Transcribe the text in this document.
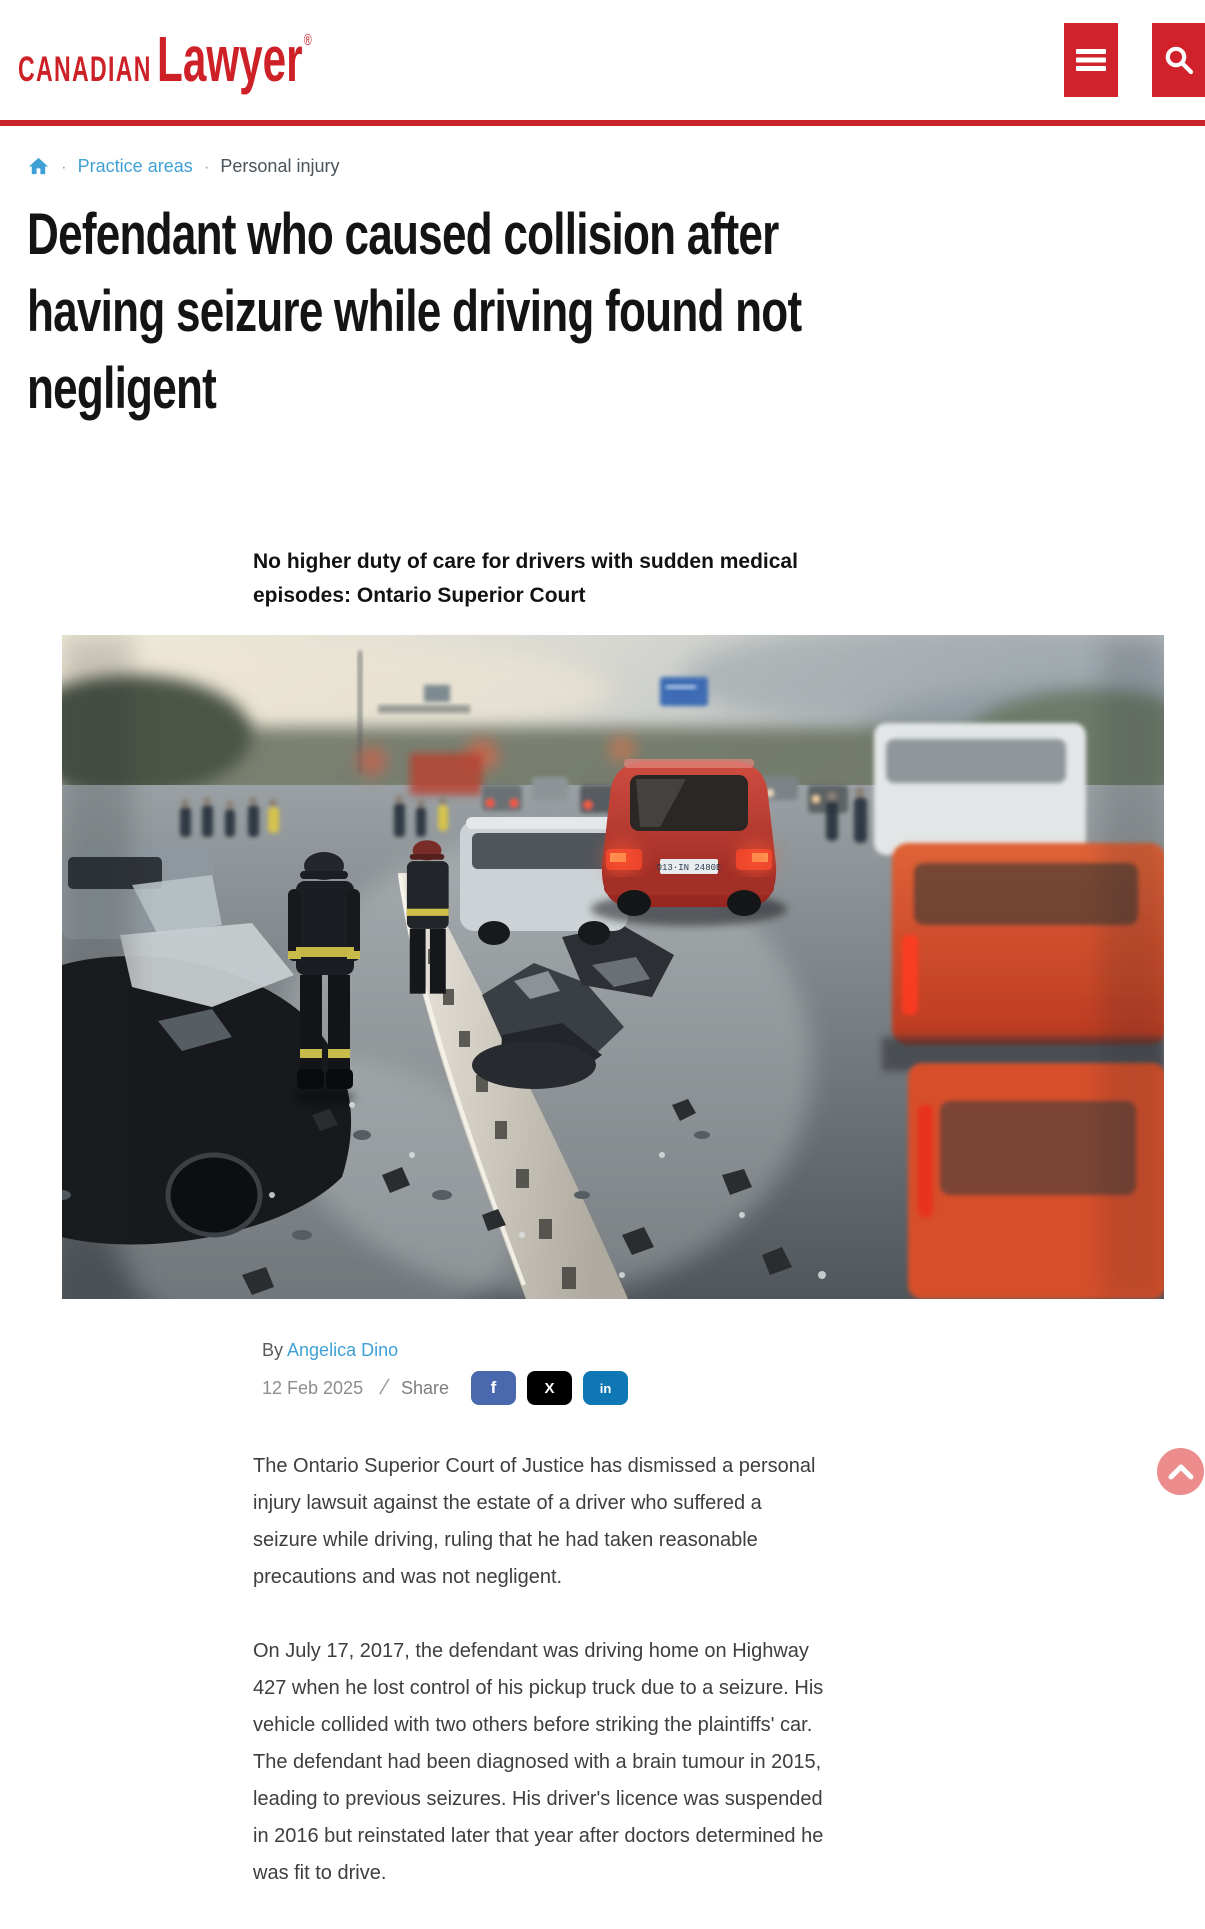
CANADIAN Lawyer ®
· Practice areas · Personal injury
Defendant who caused collision after
having seizure while driving found not
negligent
No higher duty of care for drivers with sudden medical
episodes: Ontario Superior Court
D13·IN 2480E
By Angelica Dino
12 Feb 2025 / Share f	X	in

The Ontario Superior Court of Justice has dismissed a personal injury lawsuit against the estate of a driver who suffered a seizure while driving, ruling that he had taken reasonable precautions and was not negligent.

On July 17, 2017, the defendant was driving home on Highway 427 when he lost control of his pickup truck due to a seizure. His vehicle collided with two others before striking the plaintiffs' car. The defendant had been diagnosed with a brain tumour in 2015, leading to previous seizures. His driver's licence was suspended in 2016 but reinstated later that year after doctors determined he was fit to drive.
